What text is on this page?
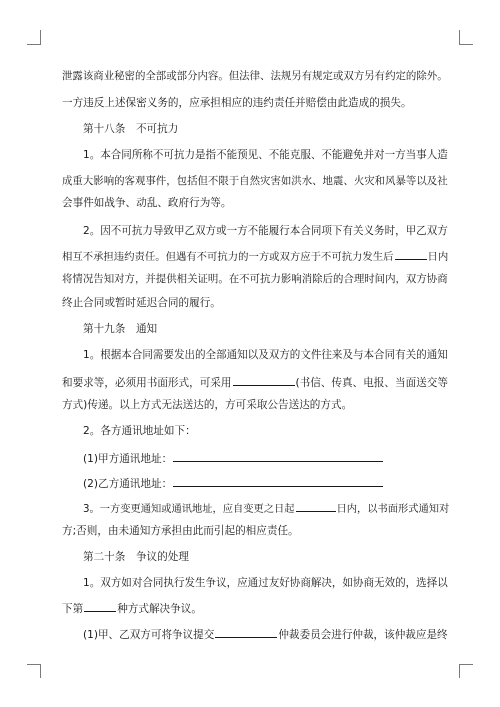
泄露该商业秘密的全部或部分内容。但法律、法规另有规定或双方另有约定的除外。
一方违反上述保密义务的，应承担相应的违约责任并赔偿由此造成的损失。
第十八条　不可抗力
1。本合同所称不可抗力是指不能预见、不能克服、不能避免并对一方当事人造
成重大影响的客观事件，包括但不限于自然灾害如洪水、地震、火灾和风暴等以及社
会事件如战争、动乱、政府行为等。
2。因不可抗力导致甲乙双方或一方不能履行本合同项下有关义务时，甲乙双方
相互不承担违约责任。但遇有不可抗力的一方或双方应于不可抗力发生后	日内
将情况告知对方，并提供相关证明。在不可抗力影响消除后的合理时间内，双方协商
终止合同或暂时延迟合同的履行。
第十九条　通知
1。根据本合同需要发出的全部通知以及双方的文件往来及与本合同有关的通知
和要求等，必须用书面形式，可采用	(书信、传真、电报、当面送交等
方式)传递。以上方式无法送达的，方可采取公告送达的方式。
2。各方通讯地址如下：
(1)甲方通讯地址：
(2)乙方通讯地址：
3。一方变更通知或通讯地址，应自变更之日起	日内，以书面形式通知对
方;否则，由未通知方承担由此而引起的相应责任。
第二十条　争议的处理
1。双方如对合同执行发生争议，应通过友好协商解决，如协商无效的，选择以
下第	种方式解决争议。
(1)甲、乙双方可将争议提交	仲裁委员会进行仲裁，该仲裁应是终
